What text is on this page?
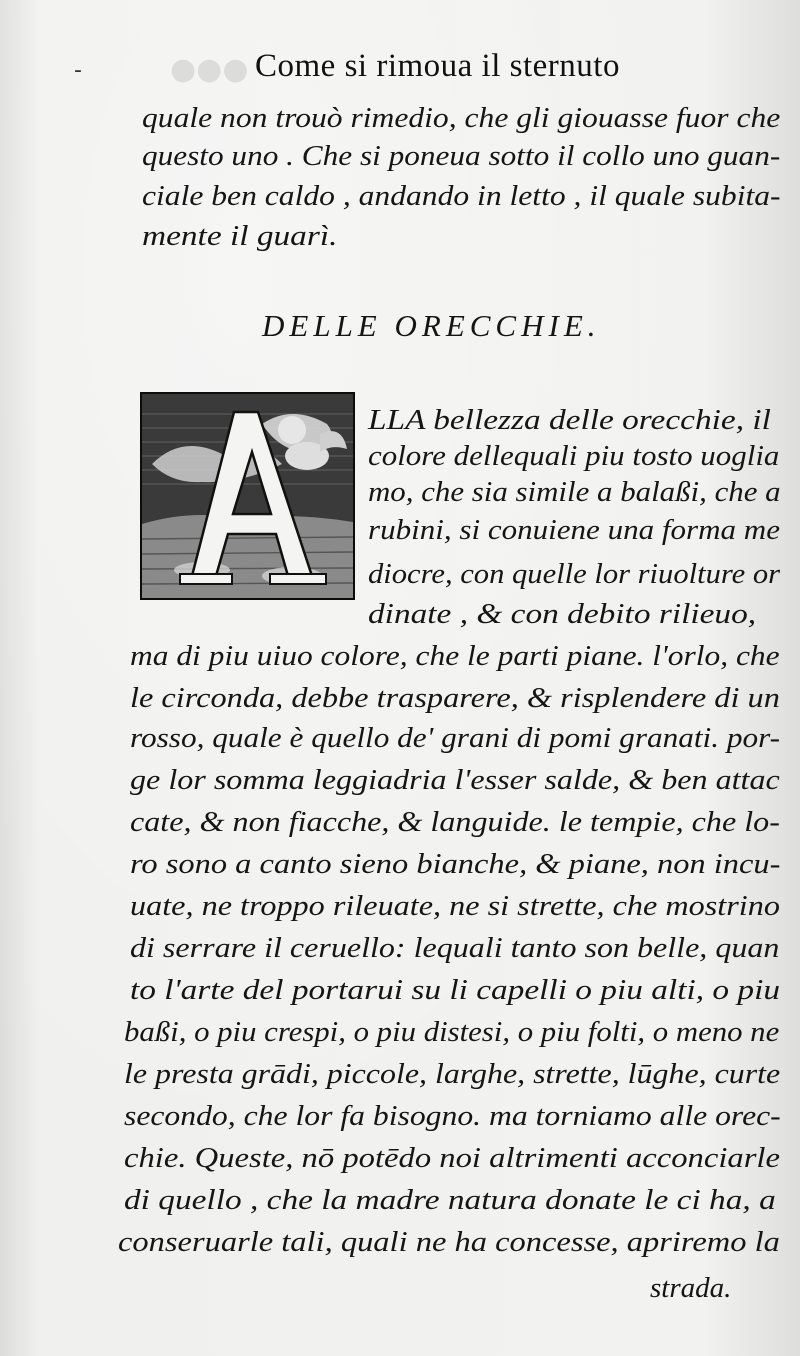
●●●
-	Come si rimoua il sternuto
quale non trouò rimedio, che gli giouasse fuor che
questo uno . Che si poneua sotto il collo uno guan-
ciale ben caldo , andando in letto , il quale subita-
mente il guarì.
DELLE ORECCHIE.
A
LLA bellezza delle orecchie, il
colore dellequali piu tosto uoglia
mo, che sia simile a balaßi, che a
rubini, si conuiene una forma me
diocre, con quelle lor riuolture or
dinate , & con debito rilieuo,
ma di piu uiuo colore, che le parti piane. l'orlo, che
le circonda, debbe trasparere, & risplendere di un
rosso, quale è quello de' grani di pomi granati. por-
ge lor somma leggiadria l'esser salde, & ben attac
cate, & non fiacche, & languide. le tempie, che lo-
ro sono a canto sieno bianche, & piane, non incu-
uate, ne troppo rileuate, ne si strette, che mostrino
di serrare il ceruello: lequali tanto son belle, quan
to l'arte del portarui su li capelli o piu alti, o piu
baßi, o piu crespi, o piu distesi, o piu folti, o meno ne
le presta grādi, piccole, larghe, strette, lūghe, curte
secondo, che lor fa bisogno. ma torniamo alle orec-
chie. Queste, nō potēdo noi altrimenti acconciarle
di quello , che la madre natura donate le ci ha, a
conseruarle tali, quali ne ha concesse, apriremo la
strada.
